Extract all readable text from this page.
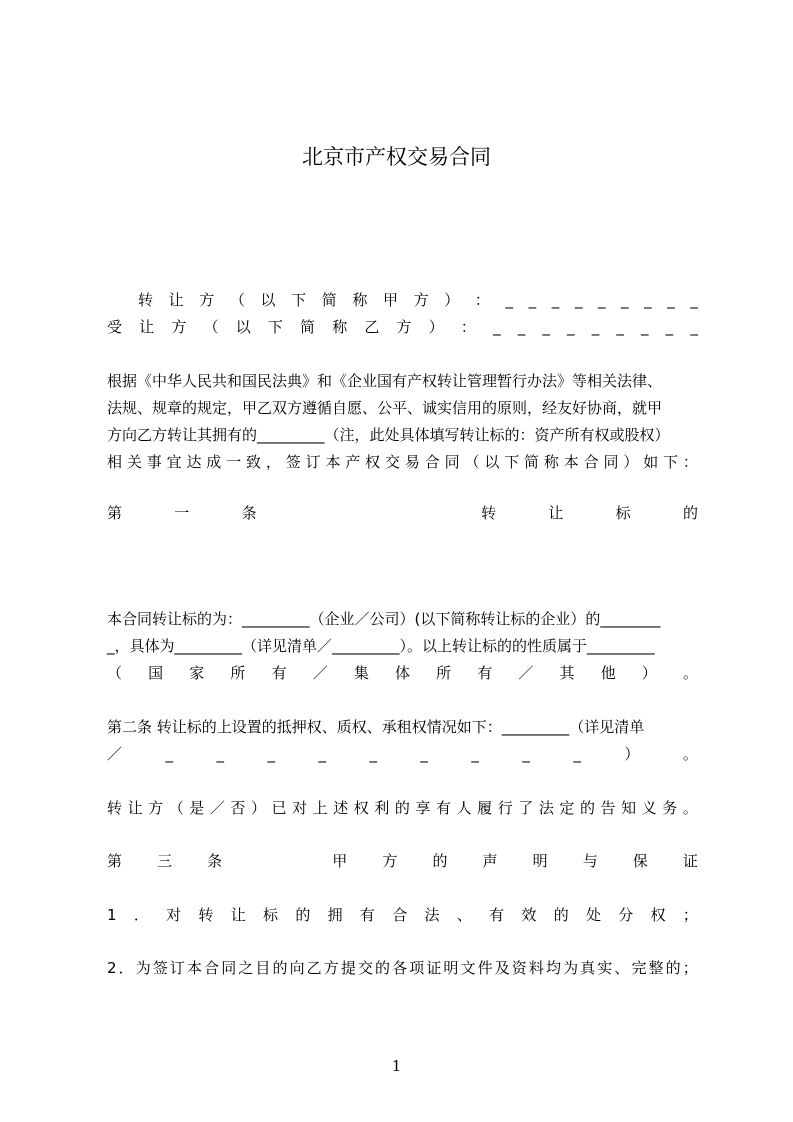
北京市产权交易合同
转 让 方 （ 以 下 简 称 甲 方 ） ： _ _ _ _ _ _ _ _ _
受 让 方 （ 以 下 简 称 乙 方 ） ： _ _ _ _ _ _ _ _ _
根据《中华人民共和国民法典》和《企业国有产权转让管理暂行办法》等相关法律、
法规、规章的规定，甲乙双方遵循自愿、公平、诚实信用的原则，经友好协商，就甲
方向乙方转让其拥有的_________（注，此处具体填写转让标的：资产所有权或股权）
相 关 事 宜 达 成 一 致 ， 签 订 本 产 权 交 易 合 同 （ 以 下 简 称 本 合 同 ） 如 下 ：
第	一	条	转	让	标	的
本合同转让标的为：_________（企业／公司）(以下简称转让标的企业）的________
_，具体为_________（详见清单／_________）。以上转让标的的性质属于_________
（ 国 家 所 有 ／ 集 体 所 有 ／ 其 他 ） 。
第二条 转让标的上设置的抵押权、质权、承租权情况如下：_________（详见清单
／	_	_	_	_	_	_	_	_	_	）	。
转 让 方 （ 是 ／ 否 ） 已 对 上 述 权 利 的 享 有 人 履 行 了 法 定 的 告 知 义 务 。
第 三 条	甲 方 的 声 明 与 保 证
1 ． 对 转 让 标 的 拥 有 合 法 、 有 效 的 处 分 权 ；
2 ． 为 签 订 本 合 同 之 目 的 向 乙 方 提 交 的 各 项 证 明 文 件 及 资 料 均 为 真 实 、 完 整 的 ；
1
